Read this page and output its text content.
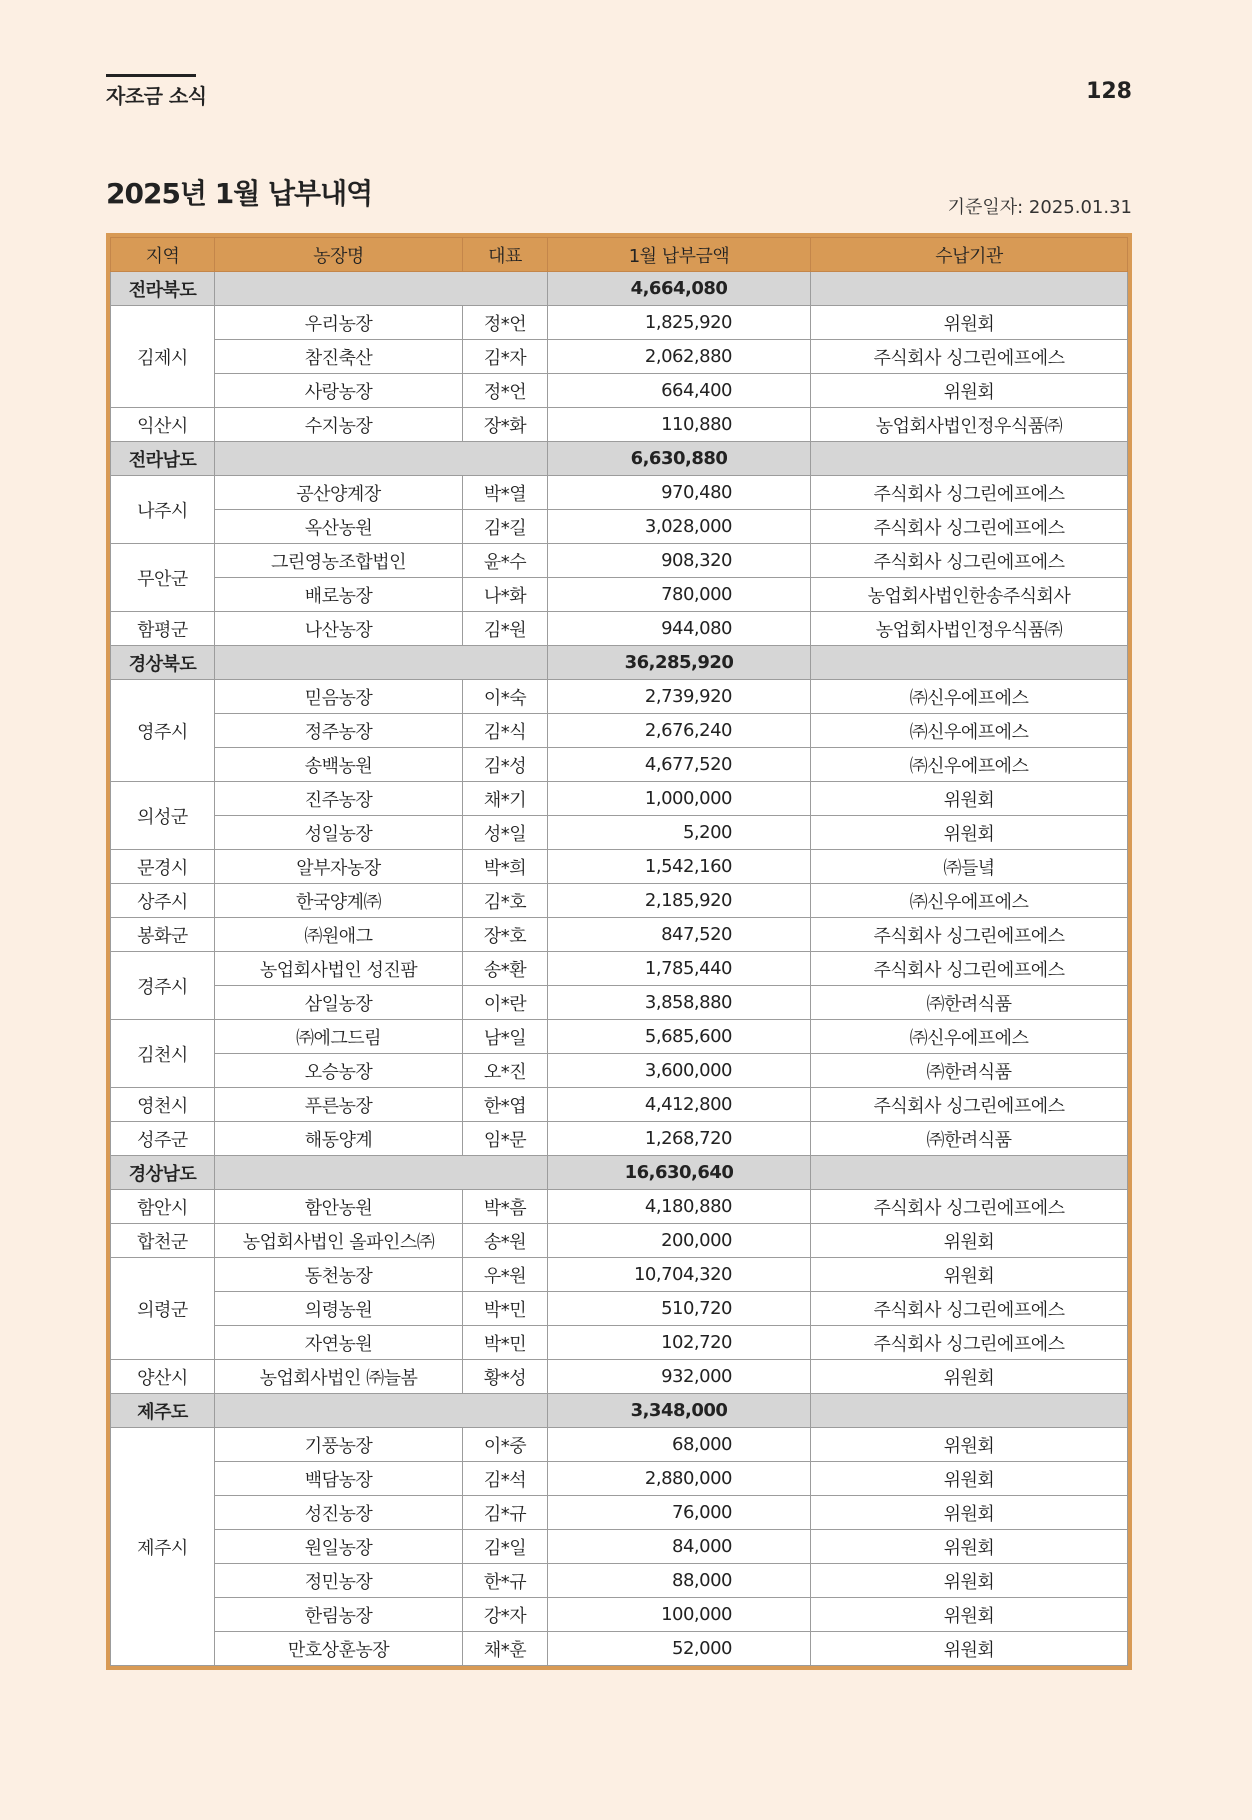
자조금 소식	128
2025년 1월 납부내역	기준일자: 2025.01.31
지역	농장명	대표	1월 납부금액	수납기관
전라북도			4,664,080	
김제시	우리농장	정*언	1,825,920	위원회
	참진축산	김*자	2,062,880	주식회사 싱그린에프에스
	사랑농장	정*언	664,400	위원회
익산시	수지농장	장*화	110,880	농업회사법인정우식품㈜
전라남도			6,630,880	
나주시	공산양계장	박*열	970,480	주식회사 싱그린에프에스
	옥산농원	김*길	3,028,000	주식회사 싱그린에프에스
무안군	그린영농조합법인	윤*수	908,320	주식회사 싱그린에프에스
	배로농장	나*화	780,000	농업회사법인한송주식회사
함평군	나산농장	김*원	944,080	농업회사법인정우식품㈜
경상북도			36,285,920	
영주시	믿음농장	이*숙	2,739,920	㈜신우에프에스
	정주농장	김*식	2,676,240	㈜신우에프에스
	송백농원	김*성	4,677,520	㈜신우에프에스
의성군	진주농장	채*기	1,000,000	위원회
	성일농장	성*일	5,200	위원회
문경시	알부자농장	박*희	1,542,160	㈜들녘
상주시	한국양계㈜	김*호	2,185,920	㈜신우에프에스
봉화군	㈜원애그	장*호	847,520	주식회사 싱그린에프에스
경주시	농업회사법인 성진팜	송*환	1,785,440	주식회사 싱그린에프에스
	삼일농장	이*란	3,858,880	㈜한려식품
김천시	㈜에그드림	남*일	5,685,600	㈜신우에프에스
	오승농장	오*진	3,600,000	㈜한려식품
영천시	푸른농장	한*엽	4,412,800	주식회사 싱그린에프에스
성주군	해동양계	임*문	1,268,720	㈜한려식품
경상남도			16,630,640	
함안시	함안농원	박*흠	4,180,880	주식회사 싱그린에프에스
합천군	농업회사법인 올파인스㈜	송*원	200,000	위원회
의령군	동천농장	우*원	10,704,320	위원회
	의령농원	박*민	510,720	주식회사 싱그린에프에스
	자연농원	박*민	102,720	주식회사 싱그린에프에스
양산시	농업회사법인 ㈜늘봄	황*성	932,000	위원회
제주도			3,348,000	
제주시	기풍농장	이*중	68,000	위원회
	백담농장	김*석	2,880,000	위원회
	성진농장	김*규	76,000	위원회
	원일농장	김*일	84,000	위원회
	정민농장	한*규	88,000	위원회
	한림농장	강*자	100,000	위원회
	만호상훈농장	채*훈	52,000	위원회
